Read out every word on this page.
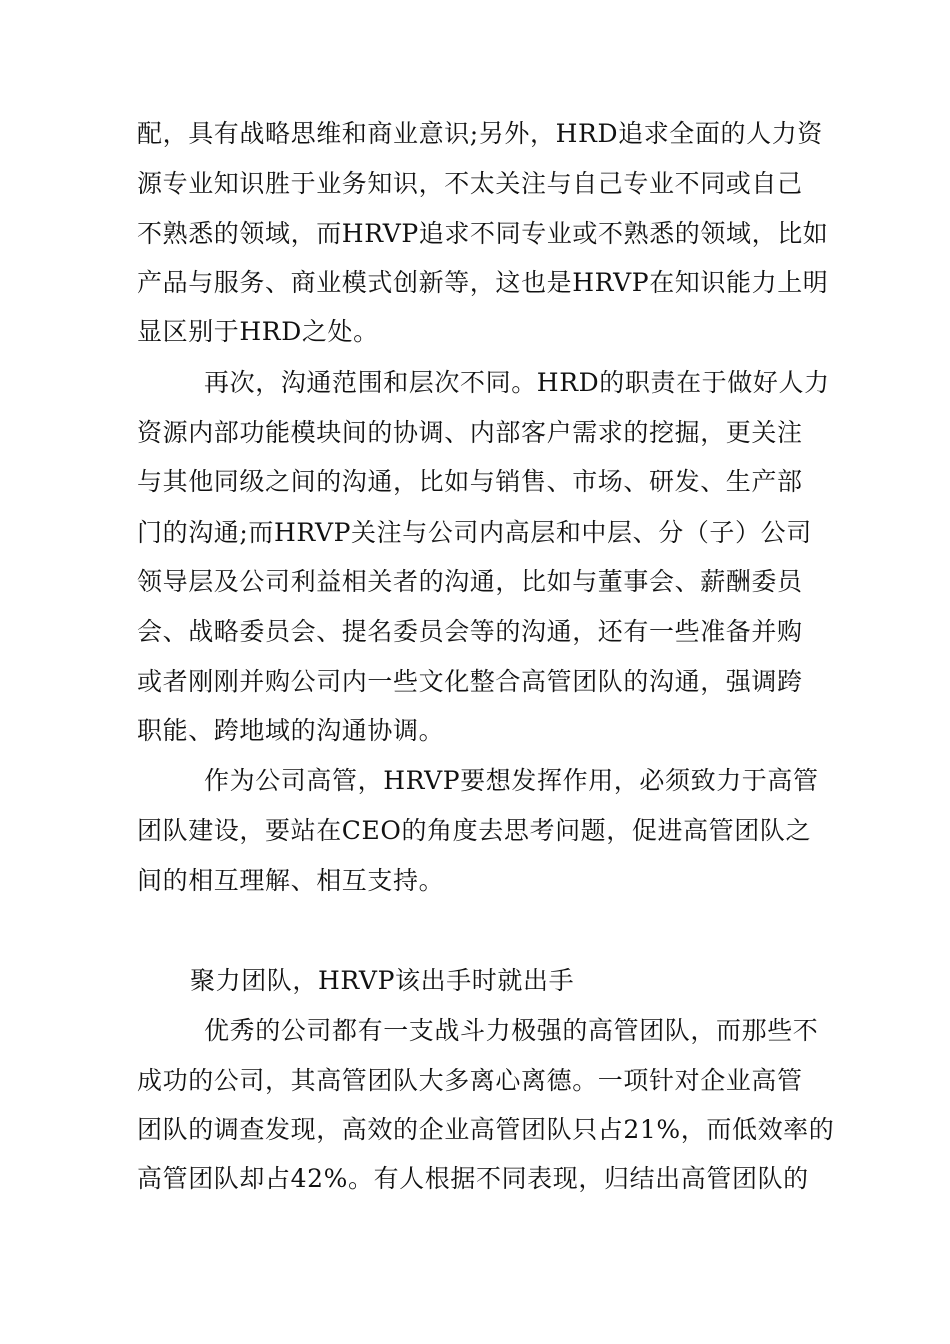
配，具有战略思维和商业意识;另外，HRD追求全面的人力资
源专业知识胜于业务知识，不太关注与自己专业不同或自己
不熟悉的领域，而HRVP追求不同专业或不熟悉的领域，比如
产品与服务、商业模式创新等，这也是HRVP在知识能力上明
显区别于HRD之处。
再次，沟通范围和层次不同。HRD的职责在于做好人力
资源内部功能模块间的协调、内部客户需求的挖掘，更关注
与其他同级之间的沟通，比如与销售、市场、研发、生产部
门的沟通;而HRVP关注与公司内高层和中层、分（子）公司
领导层及公司利益相关者的沟通，比如与董事会、薪酬委员
会、战略委员会、提名委员会等的沟通，还有一些准备并购
或者刚刚并购公司内一些文化整合高管团队的沟通，强调跨
职能、跨地域的沟通协调。
作为公司高管，HRVP要想发挥作用，必须致力于高管
团队建设，要站在CEO的角度去思考问题，促进高管团队之
间的相互理解、相互支持。
聚力团队，HRVP该出手时就出手
优秀的公司都有一支战斗力极强的高管团队，而那些不
成功的公司，其高管团队大多离心离德。一项针对企业高管
团队的调查发现，高效的企业高管团队只占21%，而低效率的
高管团队却占42%。有人根据不同表现，归结出高管团队的
